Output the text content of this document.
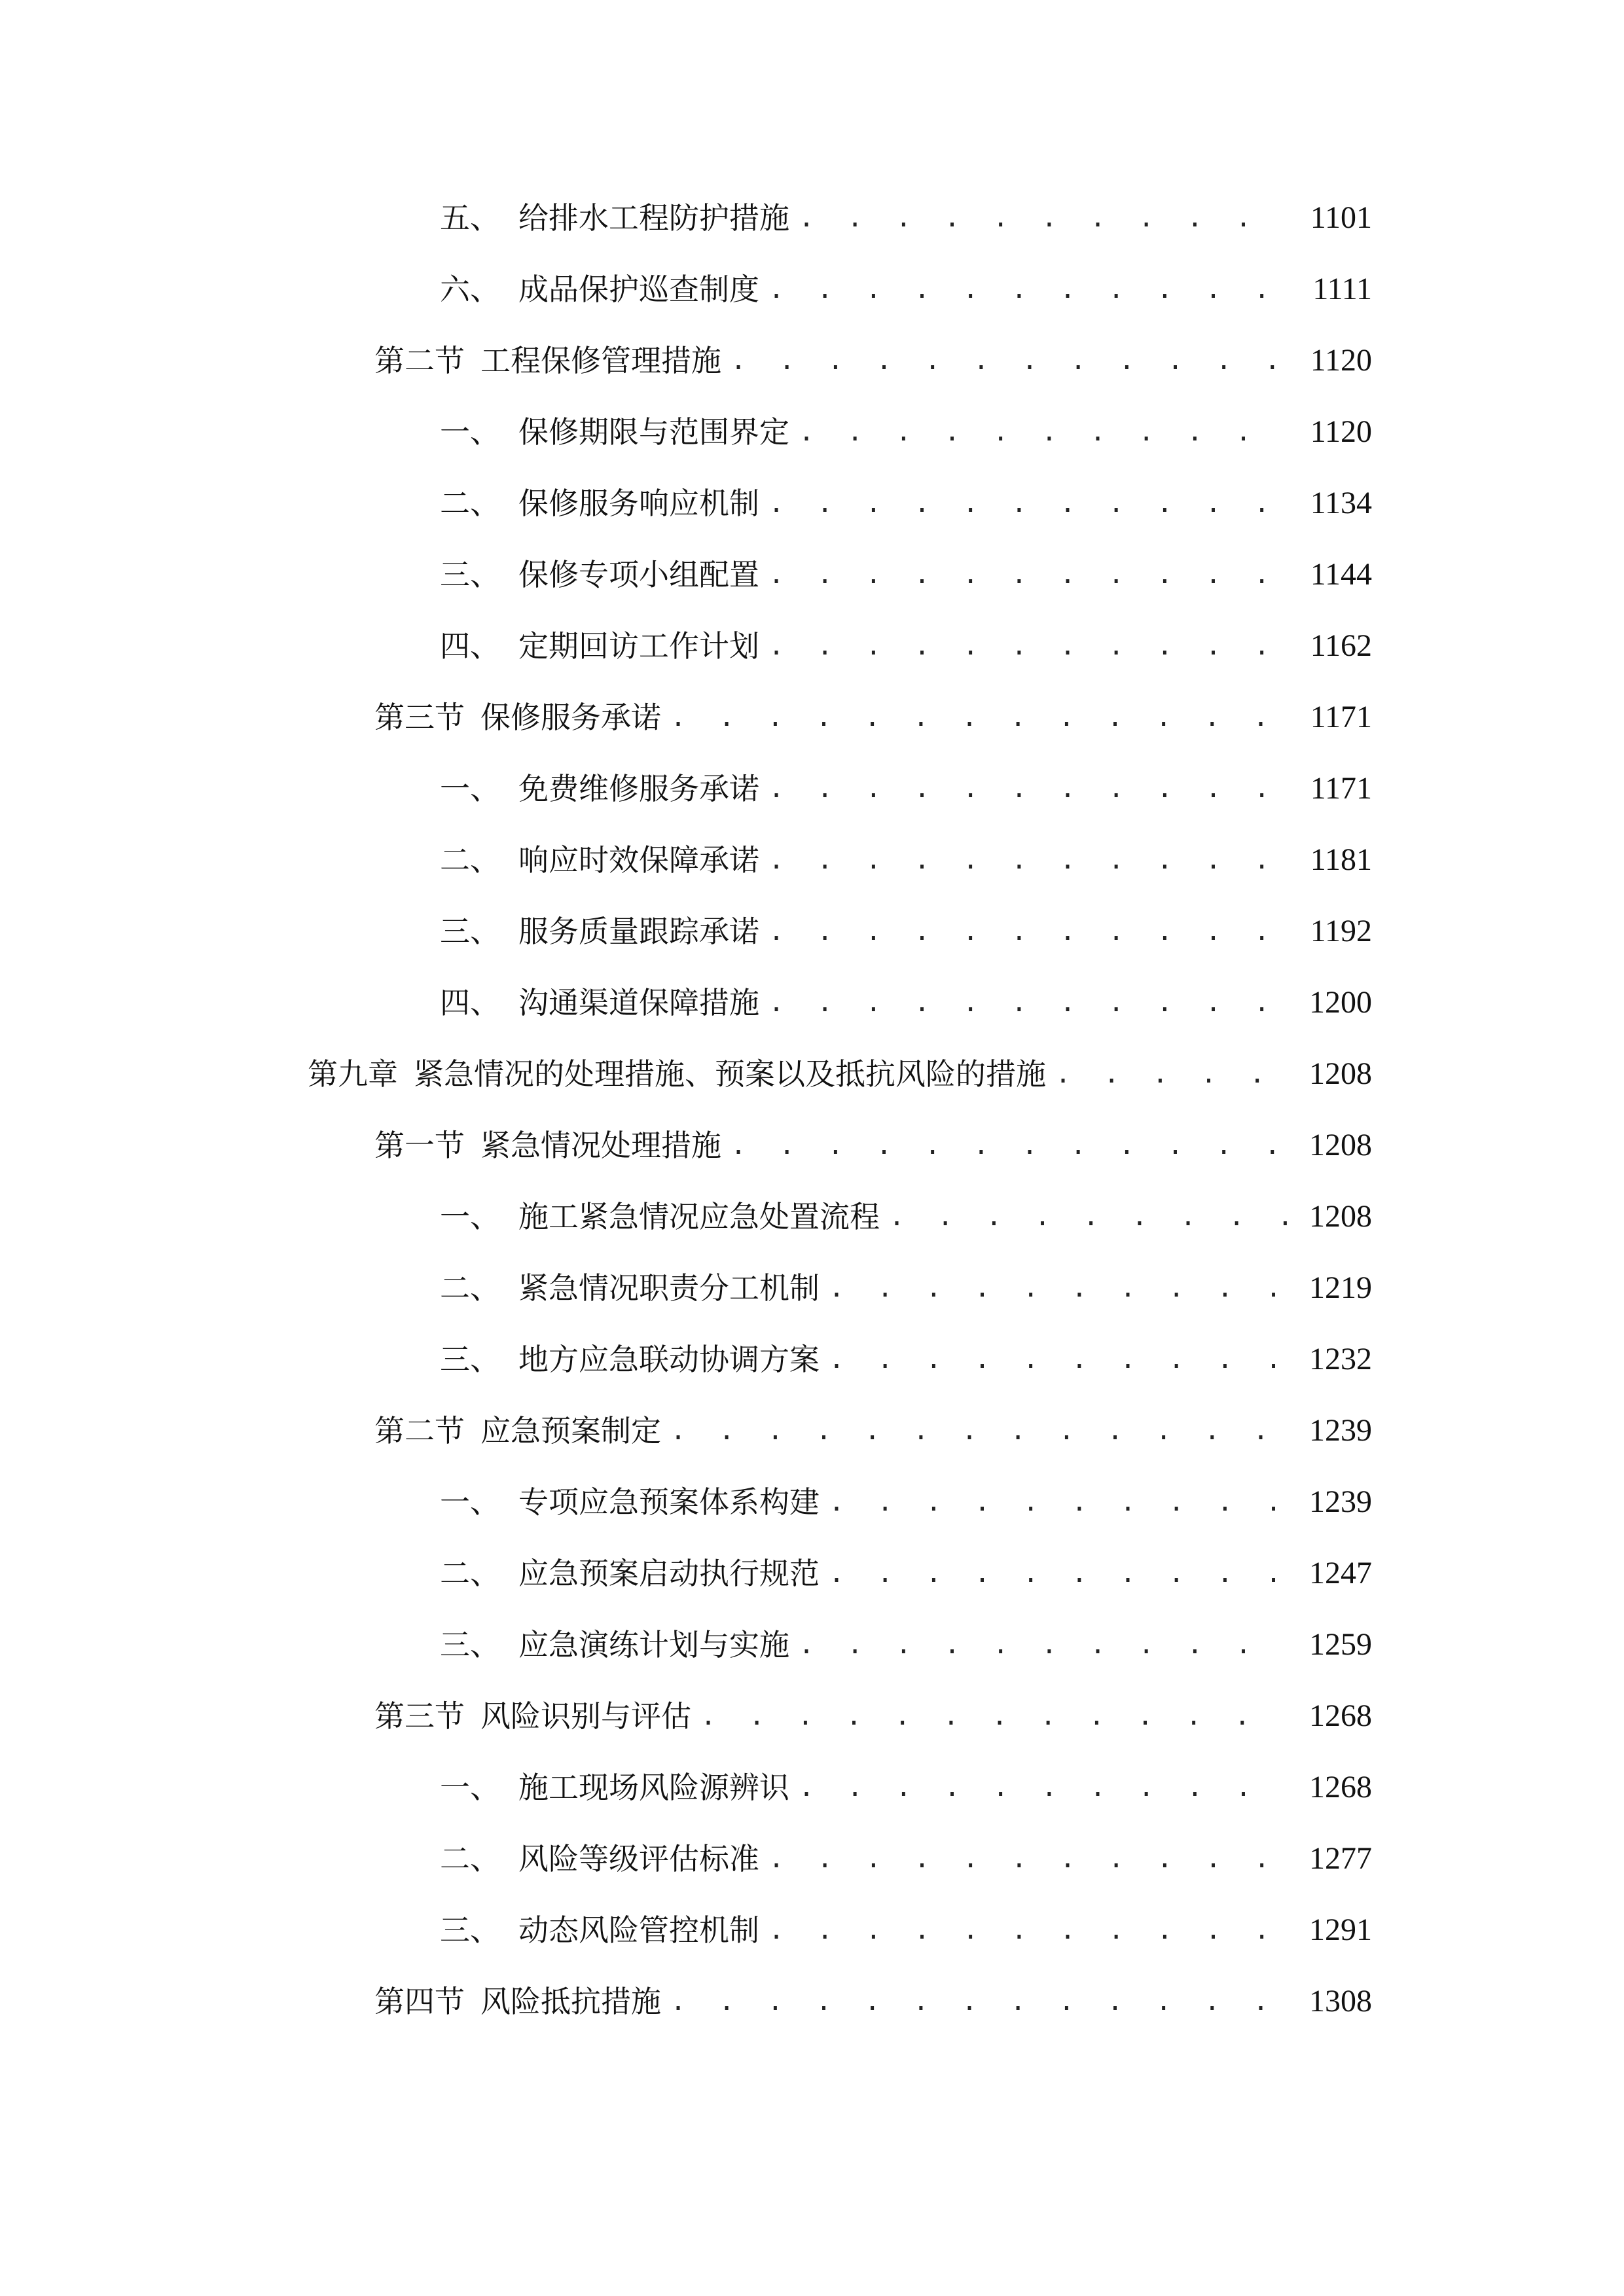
五、 给排水工程防护措施 . . .	1101
六、 成品保护巡查制度 . . .	1111
第二节 工程保修管理措施 . . .	1120
一、 保修期限与范围界定 . . .	1120
二、 保修服务响应机制 . . .	1134
三、 保修专项小组配置 . . .	1144
四、 定期回访工作计划 . . .	1162
第三节 保修服务承诺 . . .	1171
一、 免费维修服务承诺 . . .	1171
二、 响应时效保障承诺 . . .	1181
三、 服务质量跟踪承诺 . . .	1192
四、 沟通渠道保障措施 . . .	1200
第九章 紧急情况的处理措施、预案以及抵抗风险的措施 . . .	1208
第一节 紧急情况处理措施 . . .	1208
一、 施工紧急情况应急处置流程 . . .	1208
二、 紧急情况职责分工机制 . . .	1219
三、 地方应急联动协调方案 . . .	1232
第二节 应急预案制定 . . .	1239
一、 专项应急预案体系构建 . . .	1239
二、 应急预案启动执行规范 . . .	1247
三、 应急演练计划与实施 . . .	1259
第三节 风险识别与评估 . . .	1268
一、 施工现场风险源辨识 . . .	1268
二、 风险等级评估标准 . . .	1277
三、 动态风险管控机制 . . .	1291
第四节 风险抵抗措施 . . .	1308
